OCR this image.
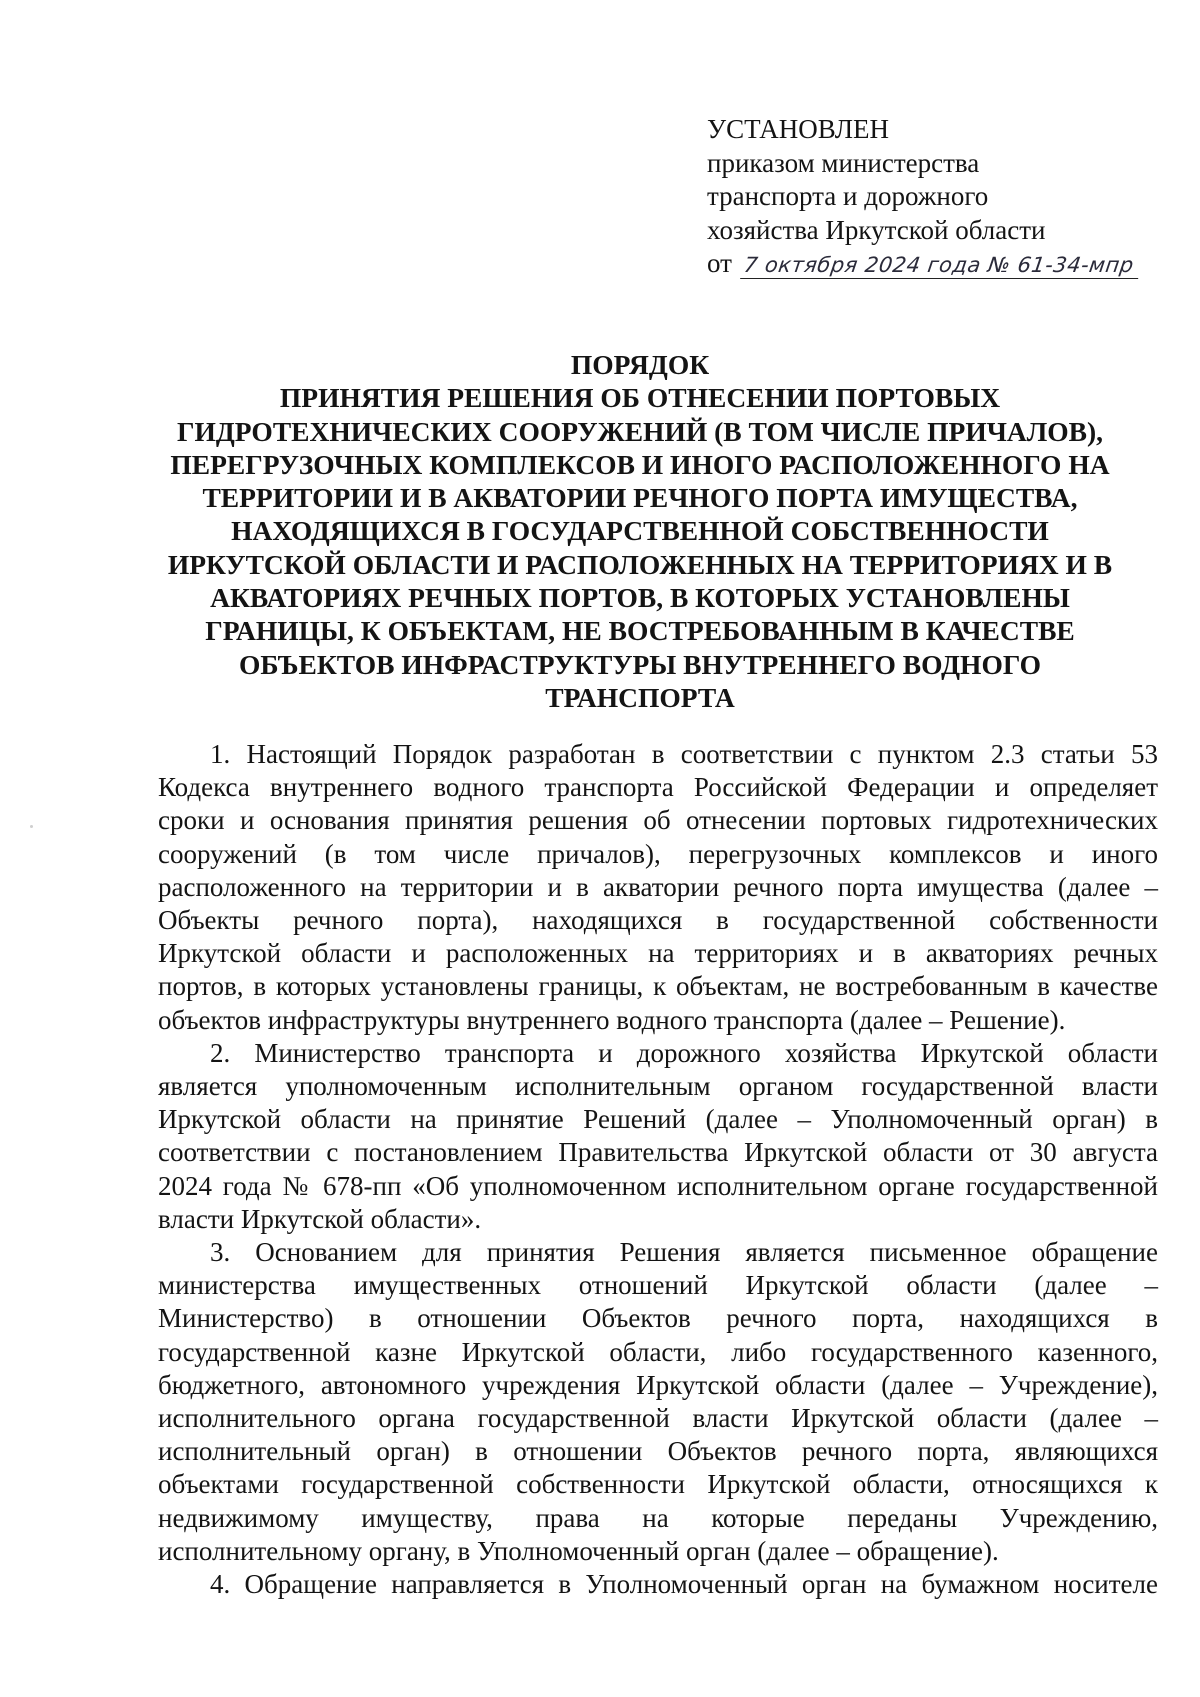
УСТАНОВЛЕН
приказом министерства
транспорта и дорожного
хозяйства Иркутской области
от 7 октября 2024 года № 61-34-мпр
ПОРЯДОК
ПРИНЯТИЯ РЕШЕНИЯ ОБ ОТНЕСЕНИИ ПОРТОВЫХ
ГИДРОТЕХНИЧЕСКИХ СООРУЖЕНИЙ (В ТОМ ЧИСЛЕ ПРИЧАЛОВ),
ПЕРЕГРУЗОЧНЫХ КОМПЛЕКСОВ И ИНОГО РАСПОЛОЖЕННОГО НА
ТЕРРИТОРИИ И В АКВАТОРИИ РЕЧНОГО ПОРТА ИМУЩЕСТВА,
НАХОДЯЩИХСЯ В ГОСУДАРСТВЕННОЙ СОБСТВЕННОСТИ
ИРКУТСКОЙ ОБЛАСТИ И РАСПОЛОЖЕННЫХ НА ТЕРРИТОРИЯХ И В
АКВАТОРИЯХ РЕЧНЫХ ПОРТОВ, В КОТОРЫХ УСТАНОВЛЕНЫ
ГРАНИЦЫ, К ОБЪЕКТАМ, НЕ ВОСТРЕБОВАННЫМ В КАЧЕСТВЕ
ОБЪЕКТОВ ИНФРАСТРУКТУРЫ ВНУТРЕННЕГО ВОДНОГО
ТРАНСПОРТА
1. Настоящий Порядок разработан в соответствии с пунктом 2.3 статьи 53
Кодекса внутреннего водного транспорта Российской Федерации и определяет
сроки и основания принятия решения об отнесении портовых гидротехнических
сооружений (в том числе причалов), перегрузочных комплексов и иного
расположенного на территории и в акватории речного порта имущества (далее –
Объекты речного порта), находящихся в государственной собственности
Иркутской области и расположенных на территориях и в акваториях речных
портов, в которых установлены границы, к объектам, не востребованным в качестве
объектов инфраструктуры внутреннего водного транспорта (далее – Решение).
2. Министерство транспорта и дорожного хозяйства Иркутской области
является уполномоченным исполнительным органом государственной власти
Иркутской области на принятие Решений (далее – Уполномоченный орган) в
соответствии с постановлением Правительства Иркутской области от 30 августа
2024 года № 678-пп «Об уполномоченном исполнительном органе государственной
власти Иркутской области».
3. Основанием для принятия Решения является письменное обращение
министерства имущественных отношений Иркутской области (далее –
Министерство) в отношении Объектов речного порта, находящихся в
государственной казне Иркутской области, либо государственного казенного,
бюджетного, автономного учреждения Иркутской области (далее – Учреждение),
исполнительного органа государственной власти Иркутской области (далее –
исполнительный орган) в отношении Объектов речного порта, являющихся
объектами государственной собственности Иркутской области, относящихся к
недвижимому имуществу, права на которые переданы Учреждению,
исполнительному органу, в Уполномоченный орган (далее – обращение).
4. Обращение направляется в Уполномоченный орган на бумажном носителе
